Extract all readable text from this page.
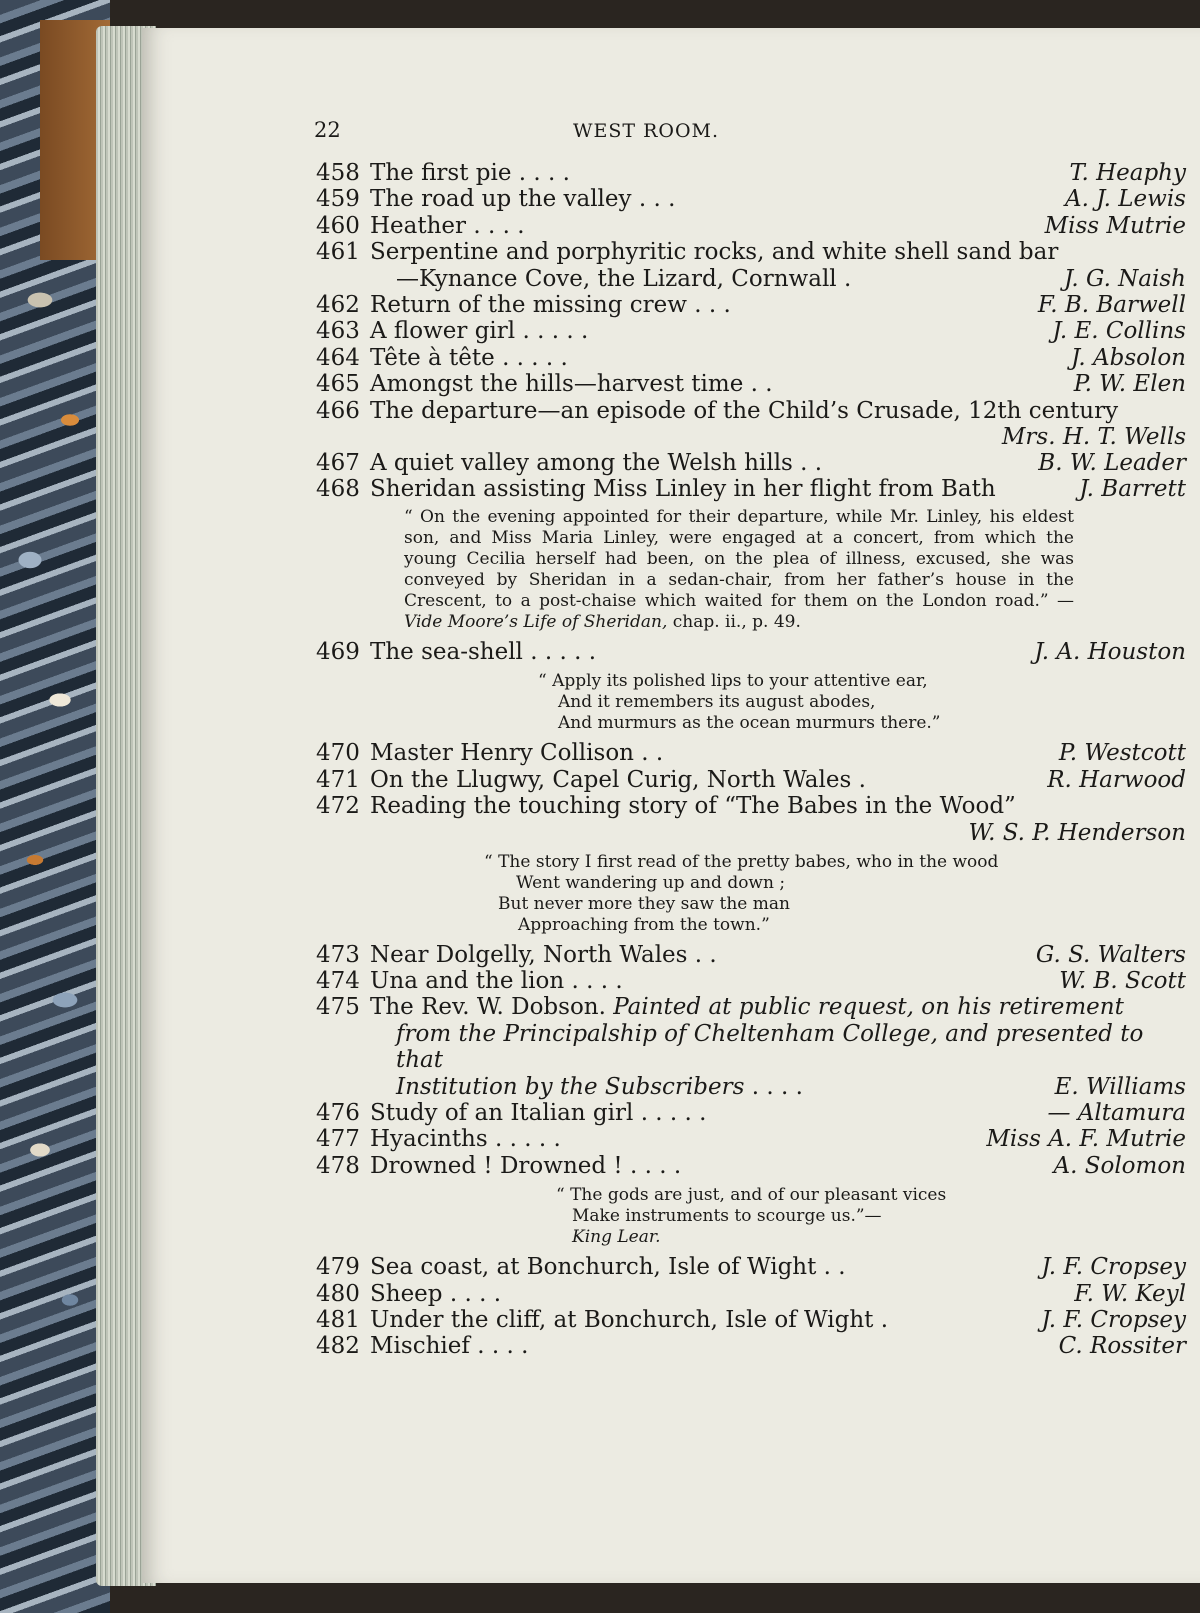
22	WEST ROOM.
458 The first pie . . . .	T. Heaphy
459 The road up the valley . . .	A. J. Lewis
460 Heather . . . .	Miss Mutrie
461 Serpentine and porphyritic rocks, and white shell sand bar
—Kynance Cove, the Lizard, Cornwall .	J. G. Naish
462 Return of the missing crew . . .	F. B. Barwell
463 A flower girl . . . . .	J. E. Collins
464 Tête à tête . . . . .	J. Absolon
465 Amongst the hills—harvest time . .	P. W. Elen
466 The departure—an episode of the Child’s Crusade, 12th century
Mrs. H. T. Wells
467 A quiet valley among the Welsh hills . .	B. W. Leader
468 Sheridan assisting Miss Linley in her flight from Bath	J. Barrett
“ On the evening appointed for their departure, while Mr. Linley, his eldest son, and Miss Maria Linley, were engaged at a concert, from which the young Cecilia herself had been, on the plea of illness, excused, she was conveyed by Sheridan in a sedan-chair, from her father’s house in the Crescent, to a post-chaise which waited for them on the London road.” — Vide Moore’s Life of Sheridan, chap. ii., p. 49.
469 The sea-shell . . . . .	J. A. Houston
“ Apply its polished lips to your attentive ear,
And it remembers its august abodes,
And murmurs as the ocean murmurs there.”
470 Master Henry Collison . .	P. Westcott
471 On the Llugwy, Capel Curig, North Wales .	R. Harwood
472 Reading the touching story of “The Babes in the Wood”
W. S. P. Henderson
“ The story I first read of the pretty babes, who in the wood
Went wandering up and down ;
But never more they saw the man
Approaching from the town.”
473 Near Dolgelly, North Wales . .	G. S. Walters
474 Una and the lion . . . .	W. B. Scott
475 The Rev. W. Dobson. Painted at public request, on his retirement
from the Principalship of Cheltenham College, and presented to that
Institution by the Subscribers . . . .	E. Williams
476 Study of an Italian girl . . . . .	— Altamura
477 Hyacinths . . . . .	Miss A. F. Mutrie
478 Drowned ! Drowned ! . . . .	A. Solomon
“ The gods are just, and of our pleasant vices
Make instruments to scourge us.”—
King Lear.
479 Sea coast, at Bonchurch, Isle of Wight . .	J. F. Cropsey
480 Sheep . . . .	F. W. Keyl
481 Under the cliff, at Bonchurch, Isle of Wight .	J. F. Cropsey
482 Mischief . . . .	C. Rossiter
